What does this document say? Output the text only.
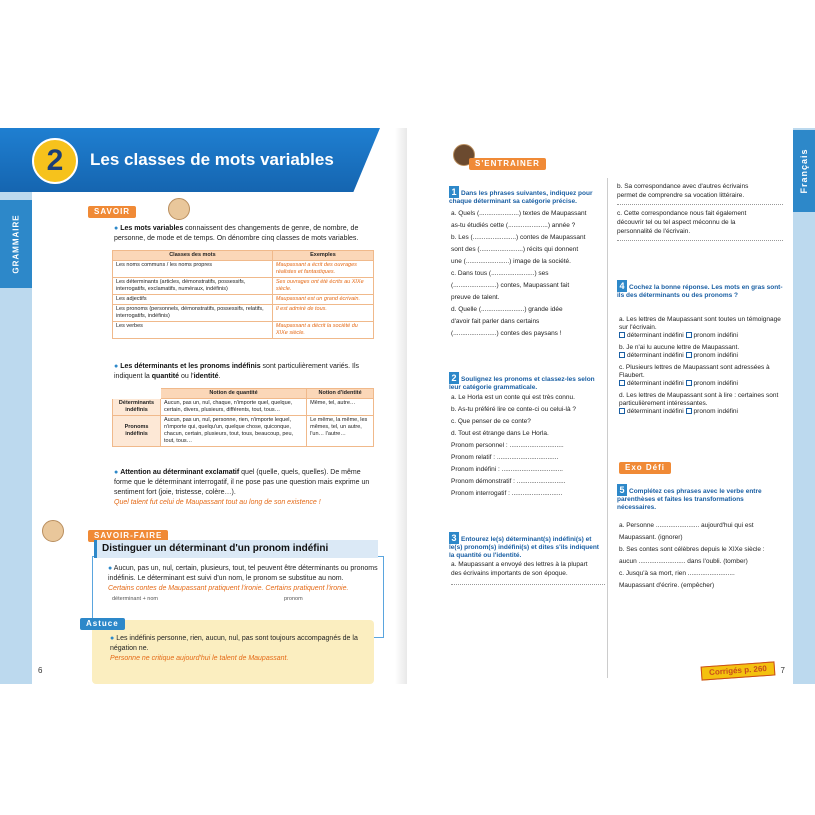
2	Les classes de mots variables
GRAMMAIRE
SAVOIR
● Les mots variables connaissent des changements de genre, de nombre, de personne, de mode et de temps. On dénombre cinq classes de mots variables.
Classes des mots	Exemples
Les noms communs / les noms propres	Maupassant a écrit des ouvrages réalistes et fantastiques.
Les déterminants (articles, démonstratifs, possessifs, interrogatifs, exclamatifs, numéraux, indéfinis)	Ses ouvrages ont été écrits au XIXe siècle.
Les adjectifs	Maupassant est un grand écrivain.
Les pronoms (personnels, démonstratifs, possessifs, relatifs, interrogatifs, indéfinis)	Il est admiré de tous.
Les verbes	Maupassant a décrit la société du XIXe siècle.
● Les déterminants et les pronoms indéfinis sont particulièrement variés. Ils indiquent la quantité ou l'identité.
	Notion de quantité	Notion d'identité
Déterminants indéfinis	Aucun, pas un, nul, chaque, n'importe quel, quelque, certain, divers, plusieurs, différents, tout, tous…	Même, tel, autre…
Pronoms indéfinis	Aucun, pas un, nul, personne, rien, n'importe lequel, n'importe qui, quelqu'un, quelque chose, quiconque, chacun, certain, plusieurs, tout, tous, beaucoup, peu, tout, tous…	Le même, la même, les mêmes, tel, un autre, l'un… l'autre…
● Attention au déterminant exclamatif quel (quelle, quels, quelles). De même forme que le déterminant interrogatif, il ne pose pas une question mais exprime un sentiment fort (joie, tristesse, colère…).
Quel talent fut celui de Maupassant tout au long de son existence !
SAVOIR-FAIRE
Distinguer un déterminant d'un pronom indéfini
● Aucun, pas un, nul, certain, plusieurs, tout, tel peuvent être déterminants ou pronoms indéfinis. Le déterminant est suivi d'un nom, le pronom se substitue au nom.
Certains contes de Maupassant pratiquent l'ironie. Certains pratiquent l'ironie.
déterminant + nom	pronom
Astuce
● Les indéfinis personne, rien, aucun, nul, pas sont toujours accompagnés de la négation ne.
Personne ne critique aujourd'hui le talent de Maupassant.
6
Français
S'ENTRAINER
1 Dans les phrases suivantes, indiquez pour chaque déterminant sa catégorie précise.
a. Quels (......................) textes de Maupassant
as-tu étudiés cette (......................) année ?
b. Les (........................) contes de Maupassant
sont des (........................) récits qui donnent
une (........................) image de la société.
c. Dans tous (........................) ses
(........................) contes, Maupassant fait
preuve de talent.
d. Quelle (........................) grande idée
d'avoir fait parler dans certains
(........................) contes des paysans !
2 Soulignez les pronoms et classez-les selon leur catégorie grammaticale.
a. Le Horla est un conte qui est très connu.
b. As-tu préféré lire ce conte-ci ou celui-là ?
c. Que penser de ce conte?
d. Tout est étrange dans Le Horla.
Pronom personnel : ..............................
Pronom relatif : ..................................
Pronom indéfini : ..................................
Pronom démonstratif : ...........................
Pronom interrogatif : ............................
3 Entourez le(s) déterminant(s) indéfini(s) et le(s) pronom(s) indéfini(s) et dites s'ils indiquent la quantité ou l'identité.
a. Maupassant a envoyé des lettres à la plupart
des écrivains importants de son époque.
b. Sa correspondance avec d'autres écrivains
permet de comprendre sa vocation littéraire.
c. Cette correspondance nous fait également
découvrir tel ou tel aspect méconnu de la
personnalité de l'écrivain.
4 Cochez la bonne réponse. Les mots en gras sont-ils des déterminants ou des pronoms ?
a. Les lettres de Maupassant sont toutes un témoignage sur l'écrivain.
déterminant indéfini pronom indéfini
b. Je n'ai lu aucune lettre de Maupassant.
déterminant indéfini pronom indéfini
c. Plusieurs lettres de Maupassant sont adressées à Flaubert.
déterminant indéfini pronom indéfini
d. Les lettres de Maupassant sont à lire : certaines sont particulièrement intéressantes.
déterminant indéfini pronom indéfini
Exo Défi
5 Complétez ces phrases avec le verbe entre parenthèses et faites les transformations nécessaires.
a. Personne ........................ aujourd'hui qui est
Maupassant. (ignorer)
b. Ses contes sont célèbres depuis le XIXe siècle :
aucun .......................... dans l'oubli. (tomber)
c. Jusqu'à sa mort, rien ..........................
Maupassant d'écrire. (empêcher)
Corrigés p. 260	7
